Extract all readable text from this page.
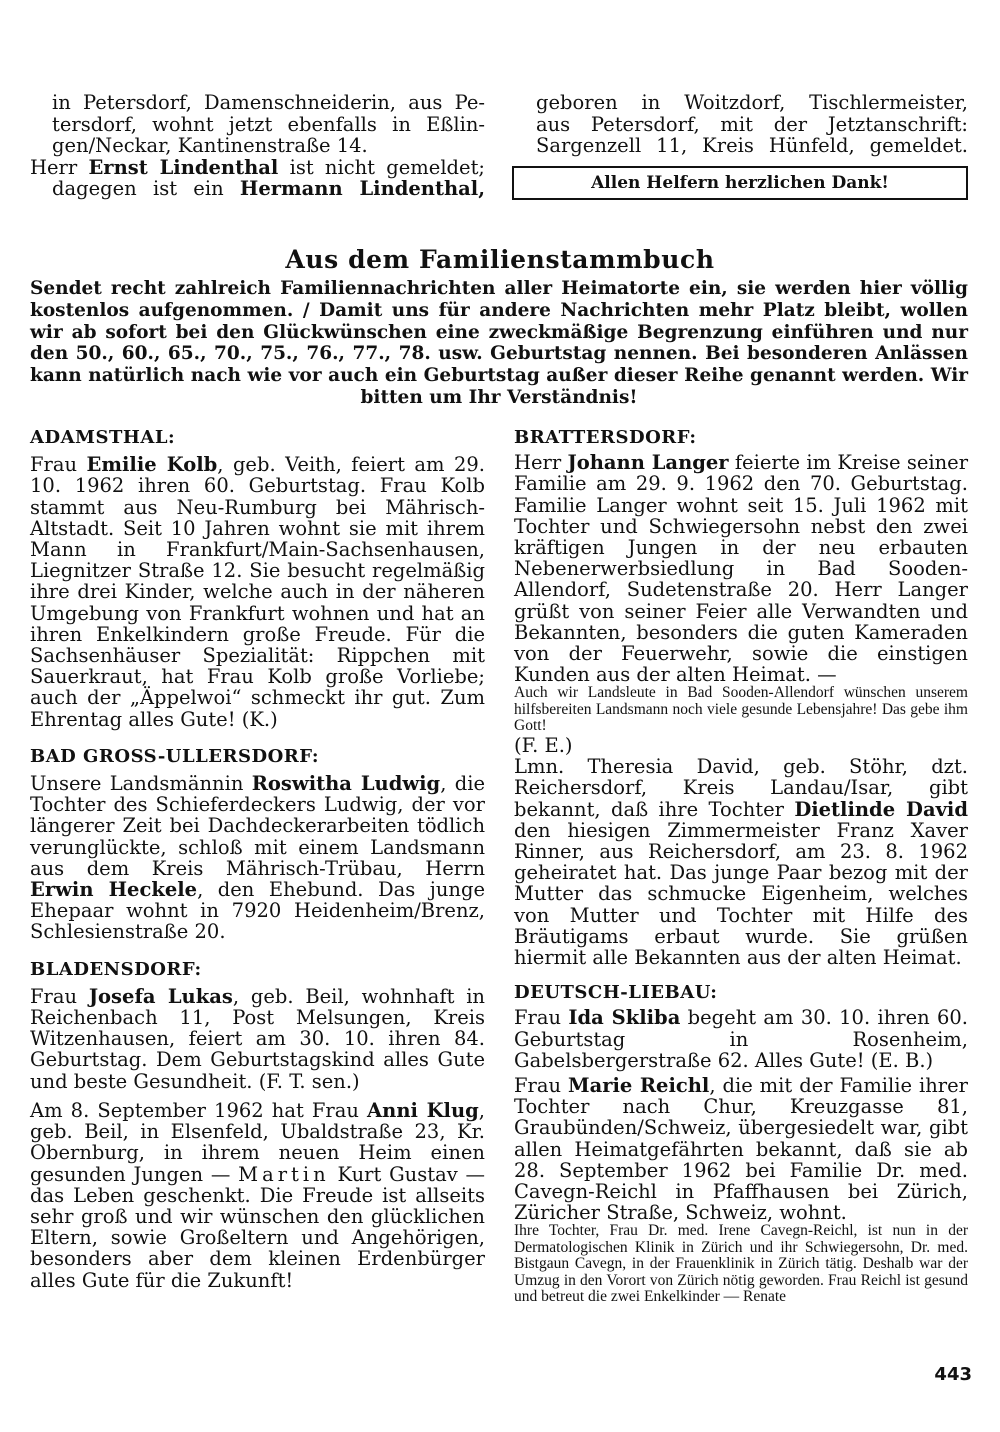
in Petersdorf, Damenschneiderin, aus Pe-

tersdorf, wohnt jetzt ebenfalls in Eßlin-

gen/Neckar, Kantinenstraße 14.

Herr Ernst Lindenthal ist nicht gemeldet;

dagegen ist ein Hermann Lindenthal,

geboren in Woitzdorf, Tischlermeister,

aus Petersdorf, mit der Jetztanschrift:

Sargenzell 11, Kreis Hünfeld, gemeldet.

Allen Helfern herzlichen Dank!
Aus dem Familienstammbuch

Sendet recht zahlreich Familiennachrichten aller Heimatorte ein, sie werden hier völlig kostenlos aufgenommen. / Damit uns für andere Nachrichten mehr Platz bleibt, wollen wir ab sofort bei den Glückwünschen eine zweckmäßige Begrenzung einführen und nur den 50., 60., 65., 70., 75., 76., 77., 78. usw. Geburtstag nennen. Bei besonderen Anlässen kann natürlich nach wie vor auch ein Geburtstag außer dieser Reihe genannt werden. Wir bitten um Ihr Verständnis!

ADAMSTHAL:

Frau Emilie Kolb, geb. Veith, feiert am 29. 10. 1962 ihren 60. Geburtstag. Frau Kolb stammt aus Neu-Rumburg bei Mährisch-Altstadt. Seit 10 Jahren wohnt sie mit ihrem Mann in Frankfurt/Main-Sachsenhausen, Liegnitzer Straße 12. Sie besucht regelmäßig ihre drei Kinder, welche auch in der näheren Umgebung von Frankfurt wohnen und hat an ihren Enkelkindern große Freude. Für die Sachsenhäuser Spezialität: Rippchen mit Sauerkraut, hat Frau Kolb große Vorliebe; auch der „Äppelwoi“ schmeckt ihr gut. Zum Ehrentag alles Gute! (K.)

BAD GROSS-ULLERSDORF:

Unsere Landsmännin Roswitha Ludwig, die Tochter des Schieferdeckers Ludwig, der vor längerer Zeit bei Dachdeckerarbeiten tödlich verunglückte, schloß mit einem Landsmann aus dem Kreis Mährisch-Trübau, Herrn Erwin Heckele, den Ehebund. Das junge Ehepaar wohnt in 7920 Heidenheim/Brenz, Schlesienstraße 20.

BLADENSDORF:

Frau Josefa Lukas, geb. Beil, wohnhaft in Reichenbach 11, Post Melsungen, Kreis Witzenhausen, feiert am 30. 10. ihren 84. Geburtstag. Dem Geburtstagskind alles Gute und beste Gesundheit. (F. T. sen.)

Am 8. September 1962 hat Frau Anni Klug, geb. Beil, in Elsenfeld, Ubaldstraße 23, Kr. Obernburg, in ihrem neuen Heim einen gesunden Jungen — Martin Kurt Gustav — das Leben geschenkt. Die Freude ist allseits sehr groß und wir wünschen den glücklichen Eltern, sowie Großeltern und Angehörigen, besonders aber dem kleinen Erdenbürger alles Gute für die Zukunft!

BRATTERSDORF:

Herr Johann Langer feierte im Kreise seiner Familie am 29. 9. 1962 den 70. Geburtstag. Familie Langer wohnt seit 15. Juli 1962 mit Tochter und Schwiegersohn nebst den zwei kräftigen Jungen in der neu erbauten Nebenerwerbsiedlung in Bad Sooden-Allendorf, Sudetenstraße 20. Herr Langer grüßt von seiner Feier alle Verwandten und Bekannten, besonders die guten Kameraden von der Feuerwehr, sowie die einstigen Kunden aus der alten Heimat. —

Auch wir Landsleute in Bad Sooden-Allendorf wünschen unserem hilfsbereiten Landsmann noch viele gesunde Lebensjahre! Das gebe ihm Gott!

(F. E.)

Lmn. Theresia David, geb. Stöhr, dzt. Reichersdorf, Kreis Landau/Isar, gibt bekannt, daß ihre Tochter Dietlinde David den hiesigen Zimmermeister Franz Xaver Rinner, aus Reichersdorf, am 23. 8. 1962 geheiratet hat. Das junge Paar bezog mit der Mutter das schmucke Eigenheim, welches von Mutter und Tochter mit Hilfe des Bräutigams erbaut wurde. Sie grüßen hiermit alle Bekannten aus der alten Heimat.

DEUTSCH-LIEBAU:

Frau Ida Skliba begeht am 30. 10. ihren 60. Geburtstag in Rosenheim, Gabelsbergerstraße 62. Alles Gute! (E. B.)

Frau Marie Reichl, die mit der Familie ihrer Tochter nach Chur, Kreuzgasse 81, Graubünden/Schweiz, übergesiedelt war, gibt allen Heimatgefährten bekannt, daß sie ab 28. September 1962 bei Familie Dr. med. Cavegn-Reichl in Pfaffhausen bei Zürich, Züricher Straße, Schweiz, wohnt.

Ihre Tochter, Frau Dr. med. Irene Cavegn-Reichl, ist nun in der Dermatologischen Klinik in Zürich und ihr Schwiegersohn, Dr. med. Bistgaun Cavegn, in der Frauenklinik in Zürich tätig. Deshalb war der Umzug in den Vorort von Zürich nötig geworden. Frau Reichl ist gesund und betreut die zwei Enkelkinder — Renate

443
